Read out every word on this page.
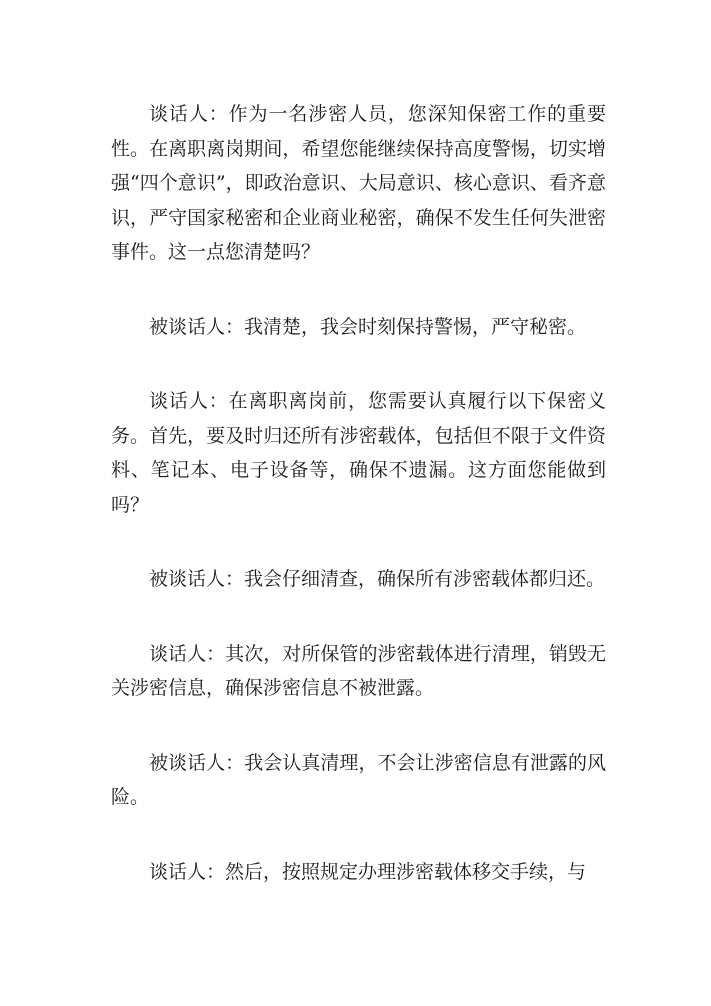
谈话人：作为一名涉密人员，您深知保密工作的重要性。在离职离岗期间，希望您能继续保持高度警惕，切实增强“四个意识”，即政治意识、大局意识、核心意识、看齐意识，严守国家秘密和企业商业秘密，确保不发生任何失泄密事件。这一点您清楚吗？

被谈话人：我清楚，我会时刻保持警惕，严守秘密。

谈话人：在离职离岗前，您需要认真履行以下保密义务。首先，要及时归还所有涉密载体，包括但不限于文件资料、笔记本、电子设备等，确保不遗漏。这方面您能做到吗？

被谈话人：我会仔细清查，确保所有涉密载体都归还。

谈话人：其次，对所保管的涉密载体进行清理，销毁无关涉密信息，确保涉密信息不被泄露。

被谈话人：我会认真清理，不会让涉密信息有泄露的风险。

谈话人：然后，按照规定办理涉密载体移交手续，与
